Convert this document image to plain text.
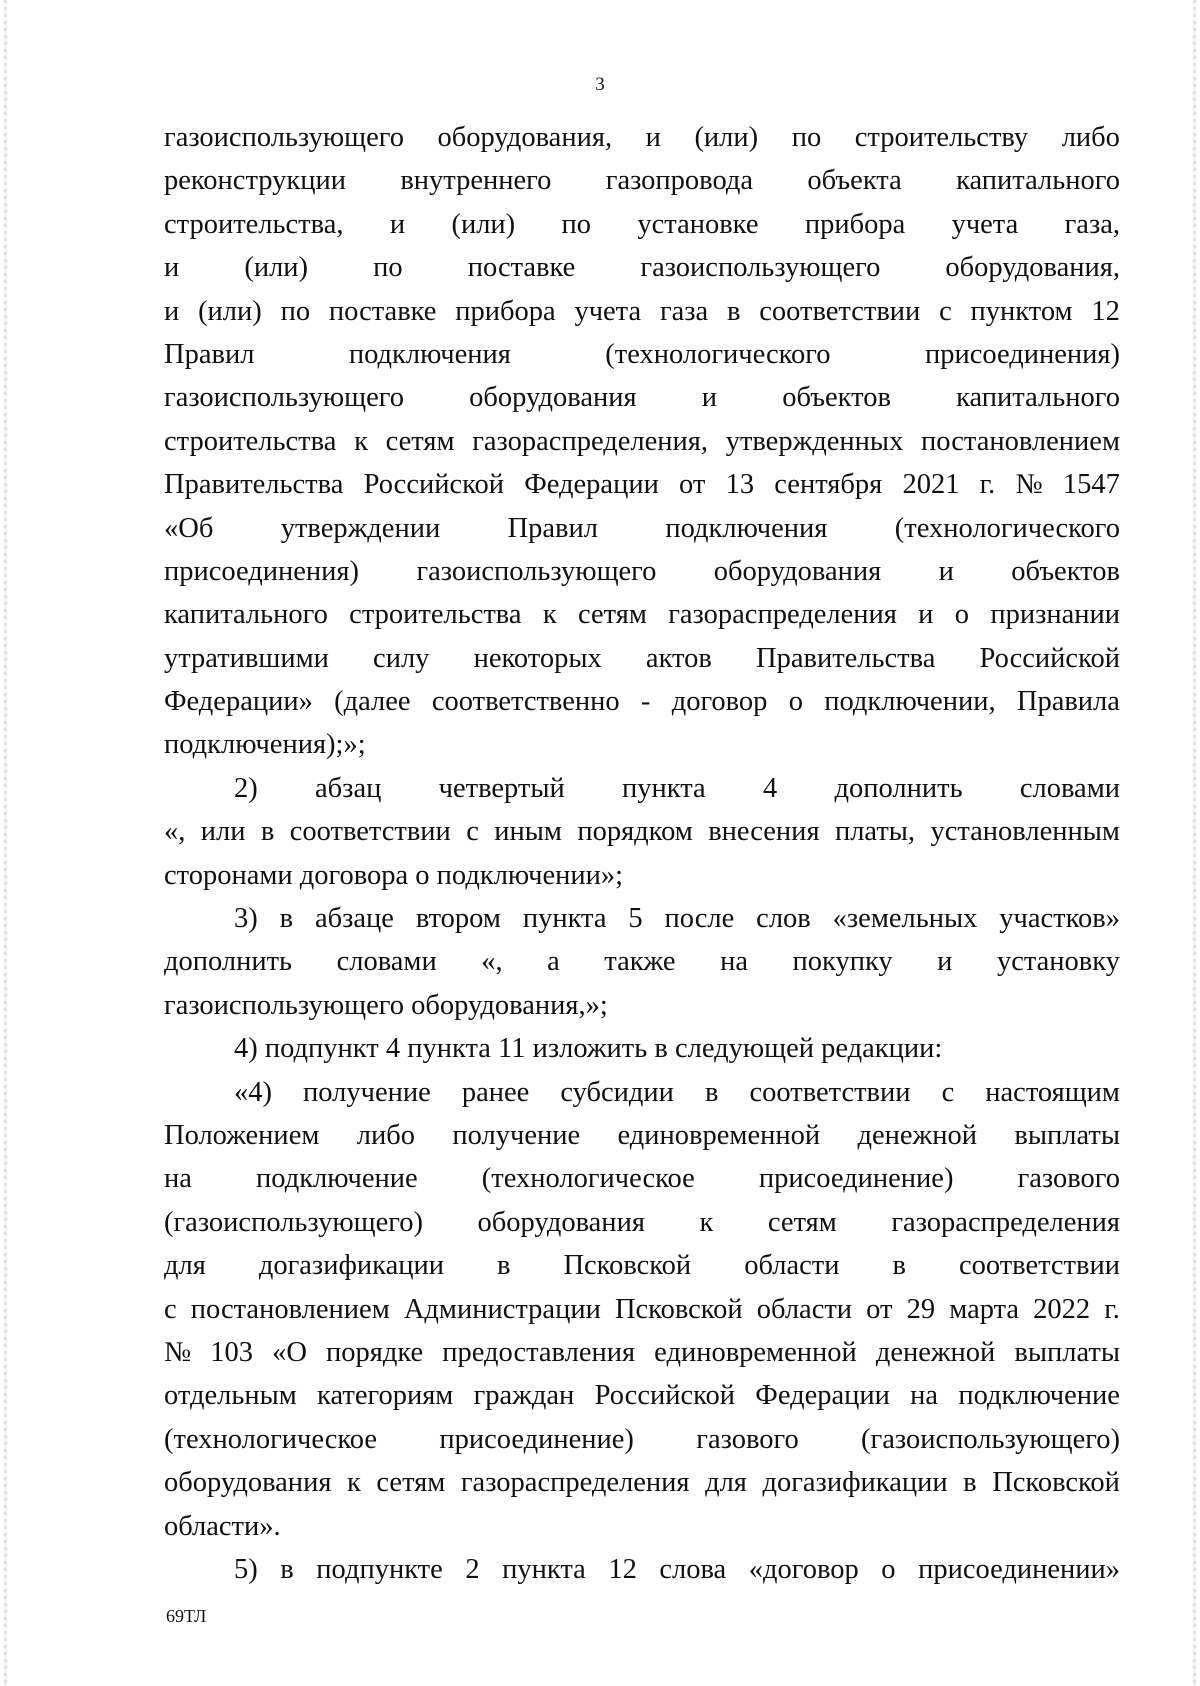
3
газоиспользующего оборудования, и (или) по строительству либо
реконструкции внутреннего газопровода объекта капитального
строительства, и (или) по установке прибора учета газа,
и (или) по поставке газоиспользующего оборудования,
и (или) по поставке прибора учета газа в соответствии с пунктом 12
Правил	подключения	(технологического	присоединения)
газоиспользующего оборудования и объектов капитального
строительства к сетям газораспределения, утвержденных постановлением
Правительства Российской Федерации от 13 сентября 2021 г. № 1547
«Об утверждении Правил подключения (технологического
присоединения) газоиспользующего оборудования и объектов
капитального строительства к сетям газораспределения и о признании
утратившими силу некоторых актов Правительства Российской
Федерации» (далее соответственно - договор о подключении, Правила
подключения);»;
2) абзац четвертый пункта 4 дополнить словами
«, или в соответствии с иным порядком внесения платы, установленным
сторонами договора о подключении»;
3) в абзаце втором пункта 5 после слов «земельных участков»
дополнить словами «, а также на покупку и установку
газоиспользующего оборудования,»;
4) подпункт 4 пункта 11 изложить в следующей редакции:
«4) получение ранее субсидии в соответствии с настоящим
Положением либо получение единовременной денежной выплаты
на подключение (технологическое присоединение) газового
(газоиспользующего) оборудования к сетям газораспределения
для догазификации в Псковской области в соответствии
с постановлением Администрации Псковской области от 29 марта 2022 г.
№ 103 «О порядке предоставления единовременной денежной выплаты
отдельным категориям граждан Российской Федерации на подключение
(технологическое присоединение) газового (газоиспользующего)
оборудования к сетям газораспределения для догазификации в Псковской
области».
5) в подпункте 2 пункта 12 слова «договор о присоединении»
69ТЛ
